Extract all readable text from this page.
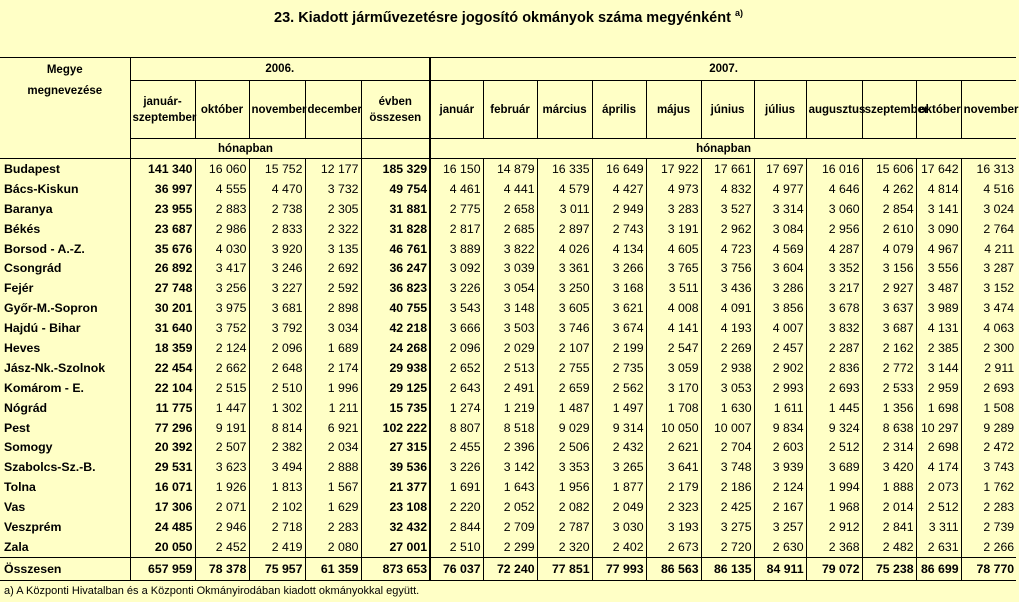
23. Kiadott járművezetésre jogosító okmányok száma megyénként $^{a)}$
Megye
megnevezése	2006.					2007.										
	január-szeptember	október	november	december	évben összesen	január	február	március	április	május	június	július	augusztus	szeptember	október	november
	hónapban					hónapban										
Budapest	141 340	16 060	15 752	12 177	185 329	16 150	14 879	16 335	16 649	17 922	17 661	17 697	16 016	15 606	17 642	16 313
Bács-Kiskun	36 997	4 555	4 470	3 732	49 754	4 461	4 441	4 579	4 427	4 973	4 832	4 977	4 646	4 262	4 814	4 516
Baranya	23 955	2 883	2 738	2 305	31 881	2 775	2 658	3 011	2 949	3 283	3 527	3 314	3 060	2 854	3 141	3 024
Békés	23 687	2 986	2 833	2 322	31 828	2 817	2 685	2 897	2 743	3 191	2 962	3 084	2 956	2 610	3 090	2 764
Borsod - A.-Z.	35 676	4 030	3 920	3 135	46 761	3 889	3 822	4 026	4 134	4 605	4 723	4 569	4 287	4 079	4 967	4 211
Csongrád	26 892	3 417	3 246	2 692	36 247	3 092	3 039	3 361	3 266	3 765	3 756	3 604	3 352	3 156	3 556	3 287
Fejér	27 748	3 256	3 227	2 592	36 823	3 226	3 054	3 250	3 168	3 511	3 436	3 286	3 217	2 927	3 487	3 152
Győr-M.-Sopron	30 201	3 975	3 681	2 898	40 755	3 543	3 148	3 605	3 621	4 008	4 091	3 856	3 678	3 637	3 989	3 474
Hajdú - Bihar	31 640	3 752	3 792	3 034	42 218	3 666	3 503	3 746	3 674	4 141	4 193	4 007	3 832	3 687	4 131	4 063
Heves	18 359	2 124	2 096	1 689	24 268	2 096	2 029	2 107	2 199	2 547	2 269	2 457	2 287	2 162	2 385	2 300
Jász-Nk.-Szolnok	22 454	2 662	2 648	2 174	29 938	2 652	2 513	2 755	2 735	3 059	2 938	2 902	2 836	2 772	3 144	2 911
Komárom - E.	22 104	2 515	2 510	1 996	29 125	2 643	2 491	2 659	2 562	3 170	3 053	2 993	2 693	2 533	2 959	2 693
Nógrád	11 775	1 447	1 302	1 211	15 735	1 274	1 219	1 487	1 497	1 708	1 630	1 611	1 445	1 356	1 698	1 508
Pest	77 296	9 191	8 814	6 921	102 222	8 807	8 518	9 029	9 314	10 050	10 007	9 834	9 324	8 638	10 297	9 289
Somogy	20 392	2 507	2 382	2 034	27 315	2 455	2 396	2 506	2 432	2 621	2 704	2 603	2 512	2 314	2 698	2 472
Szabolcs-Sz.-B.	29 531	3 623	3 494	2 888	39 536	3 226	3 142	3 353	3 265	3 641	3 748	3 939	3 689	3 420	4 174	3 743
Tolna	16 071	1 926	1 813	1 567	21 377	1 691	1 643	1 956	1 877	2 179	2 186	2 124	1 994	1 888	2 073	1 762
Vas	17 306	2 071	2 102	1 629	23 108	2 220	2 052	2 082	2 049	2 323	2 425	2 167	1 968	2 014	2 512	2 283
Veszprém	24 485	2 946	2 718	2 283	32 432	2 844	2 709	2 787	3 030	3 193	3 275	3 257	2 912	2 841	3 311	2 739
Zala	20 050	2 452	2 419	2 080	27 001	2 510	2 299	2 320	2 402	2 673	2 720	2 630	2 368	2 482	2 631	2 266
Összesen	657 959	78 378	75 957	61 359	873 653	76 037	72 240	77 851	77 993	86 563	86 135	84 911	79 072	75 238	86 699	78 770
a) A Központi Hivatalban és a Központi Okmányirodában kiadott okmányokkal együtt.
